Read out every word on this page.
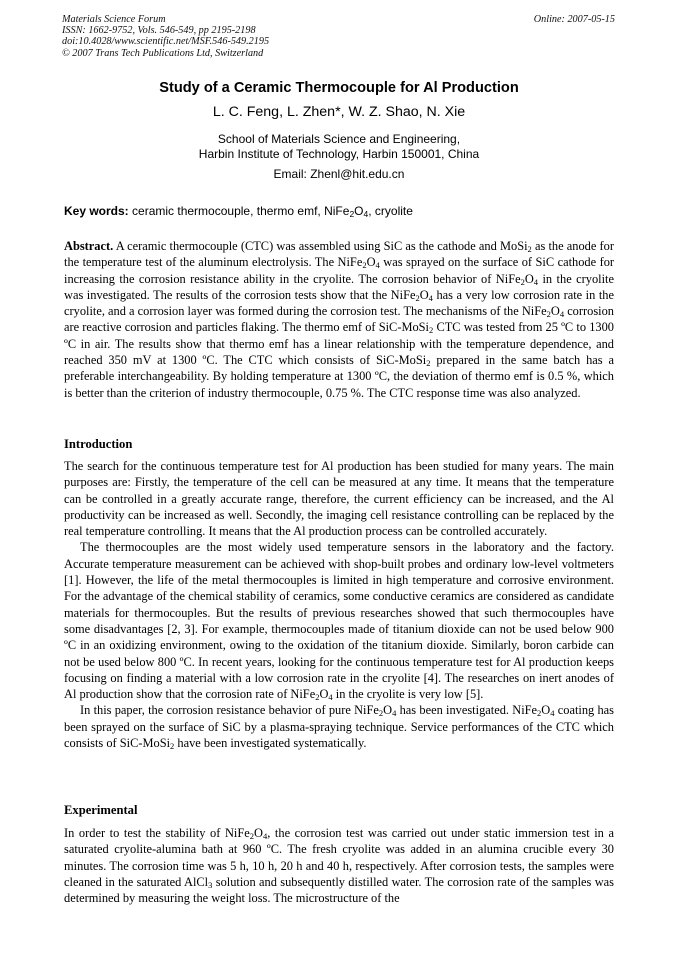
Materials Science Forum
ISSN: 1662-9752, Vols. 546-549, pp 2195-2198
doi:10.4028/www.scientific.net/MSF.546-549.2195
© 2007 Trans Tech Publications Ltd, Switzerland
Online: 2007-05-15
Study of a Ceramic Thermocouple for Al Production
L. C. Feng, L. Zhen*, W. Z. Shao, N. Xie
School of Materials Science and Engineering,
Harbin Institute of Technology, Harbin 150001, China
Email: Zhenl@hit.edu.cn
Key words: ceramic thermocouple, thermo emf, $NiFe_2O_4$, cryolite

Abstract. A ceramic thermocouple (CTC) was assembled using SiC as the cathode and MoSi$_2$ as the anode for the temperature test of the aluminum electrolysis. The $NiFe_2O_4$ was sprayed on the surface of SiC cathode for increasing the corrosion resistance ability in the cryolite. The corrosion behavior of $NiFe_2O_4$ in the cryolite was investigated. The results of the corrosion tests show that the $NiFe_2O_4$ has a very low corrosion rate in the cryolite, and a corrosion layer was formed during the corrosion test. The mechanisms of the $NiFe_2O_4$ corrosion are reactive corrosion and particles flaking. The thermo emf of SiC-MoSi$_2$ CTC was tested from 25 ºC to 1300 ºC in air. The results show that thermo emf has a linear relationship with the temperature dependence, and reached 350 mV at 1300 ºC. The CTC which consists of SiC-MoSi$_2$ prepared in the same batch has a preferable interchangeability. By holding temperature at 1300 ºC, the deviation of thermo emf is 0.5 %, which is better than the criterion of industry thermocouple, 0.75 %. The CTC response time was also analyzed.

Introduction

The search for the continuous temperature test for Al production has been studied for many years. The main purposes are: Firstly, the temperature of the cell can be measured at any time. It means that the temperature can be controlled in a greatly accurate range, therefore, the current efficiency can be increased, and the Al productivity can be increased as well. Secondly, the imaging cell resistance controlling can be replaced by the real temperature controlling. It means that the Al production process can be controlled accurately.

The thermocouples are the most widely used temperature sensors in the laboratory and the factory. Accurate temperature measurement can be achieved with shop-built probes and ordinary low-level voltmeters [1]. However, the life of the metal thermocouples is limited in high temperature and corrosive environment. For the advantage of the chemical stability of ceramics, some conductive ceramics are considered as candidate materials for thermocouples. But the results of previous researches showed that such thermocouples have some disadvantages [2, 3]. For example, thermocouples made of titanium dioxide can not be used below 900 ºC in an oxidizing environment, owing to the oxidation of the titanium dioxide. Similarly, boron carbide can not be used below 800 ºC. In recent years, looking for the continuous temperature test for Al production keeps focusing on finding a material with a low corrosion rate in the cryolite [4]. The researches on inert anodes of Al production show that the corrosion rate of $NiFe_2O_4$ in the cryolite is very low [5].

In this paper, the corrosion resistance behavior of pure $NiFe_2O_4$ has been investigated. $NiFe_2O_4$ coating has been sprayed on the surface of SiC by a plasma-spraying technique. Service performances of the CTC which consists of SiC-MoSi$_2$ have been investigated systematically.

Experimental

In order to test the stability of $NiFe_2O_4$, the corrosion test was carried out under static immersion test in a saturated cryolite-alumina bath at 960 ºC. The fresh cryolite was added in an alumina crucible every 30 minutes. The corrosion time was 5 h, 10 h, 20 h and 40 h, respectively. After corrosion tests, the samples were cleaned in the saturated AlCl$_3$ solution and subsequently distilled water. The corrosion rate of the samples was determined by measuring the weight loss. The microstructure of the
